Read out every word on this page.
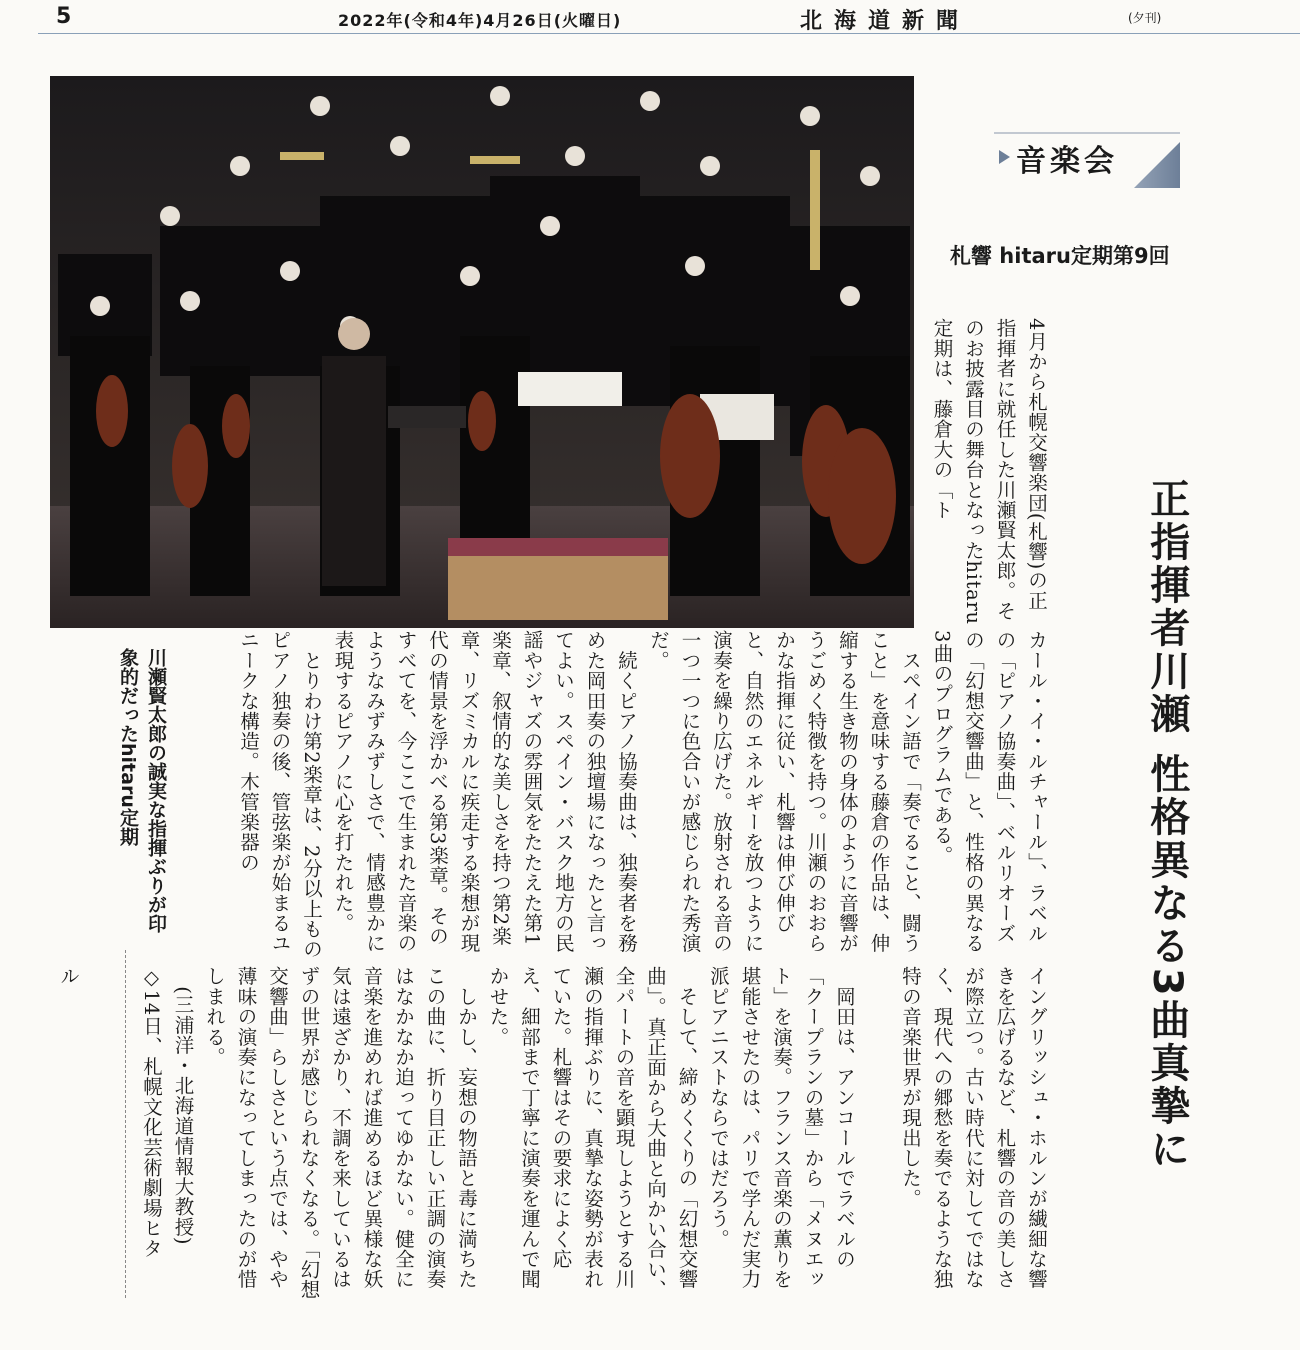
5	2022年(令和4年)4月26日(火曜日)	北海道新聞	(夕刊)
音楽会
札響 hitaru定期第9回
正指揮者川瀬 性格異なる3曲真摯に
4月から札幌交響楽団(札響)の正指揮者に就任した川瀬賢太郎。そのお披露目の舞台となったhitaru定期は、藤倉大の「ト
カール・イ・ルチャール」、ラベルの「ピアノ協奏曲」、ベルリオーズの「幻想交響曲」と、性格の異なる3曲のプログラムである。
　スペイン語で「奏でること、闘うこと」を意味する藤倉の作品は、伸縮する生き物の身体のように音響がうごめく特徴を持つ。川瀬のおおらかな指揮に従い、札響は伸び伸びと、自然のエネルギーを放つように演奏を繰り広げた。放射される音の一つ一つに色合いが感じられた秀演だ。
　続くピアノ協奏曲は、独奏者を務めた岡田奏の独壇場になったと言ってよい。スペイン・バスク地方の民謡やジャズの雰囲気をたたえた第1楽章、叙情的な美しさを持つ第2楽章、リズミカルに疾走する楽想が現代の情景を浮かべる第3楽章。そのすべてを、今ここで生まれた音楽のようなみずみずしさで、情感豊かに表現するピアノに心を打たれた。
　とりわけ第2楽章は、2分以上ものピアノ独奏の後、管弦楽が始まるユニークな構造。木管楽器の
イングリッシュ・ホルンが繊細な響きを広げるなど、札響の音の美しさが際立つ。古い時代に対してではなく、現代への郷愁を奏でるような独特の音楽世界が現出した。
　岡田は、アンコールでラベルの「クープランの墓」から「メヌエット」を演奏。フランス音楽の薫りを堪能させたのは、パリで学んだ実力派ピアニストならではだろう。
　そして、締めくくりの「幻想交響曲」。真正面から大曲と向かい合い、全パートの音を顕現しようとする川瀬の指揮ぶりに、真摯な姿勢が表れていた。札響はその要求によく応え、細部まで丁寧に演奏を運んで聞かせた。
　しかし、妄想の物語と毒に満ちたこの曲に、折り目正しい正調の演奏はなかなか迫ってゆかない。健全に音楽を進めれば進めるほど異様な妖気は遠ざかり、不調を来しているはずの世界が感じられなくなる。「幻想交響曲」らしさという点では、やや薄味の演奏になってしまったのが惜しまれる。
　(三浦洋・北海道情報大教授)
◇14日、札幌文化芸術劇場ヒタ
川瀬賢太郎の誠実な指揮ぶりが印象的だったhitaru定期
ル
